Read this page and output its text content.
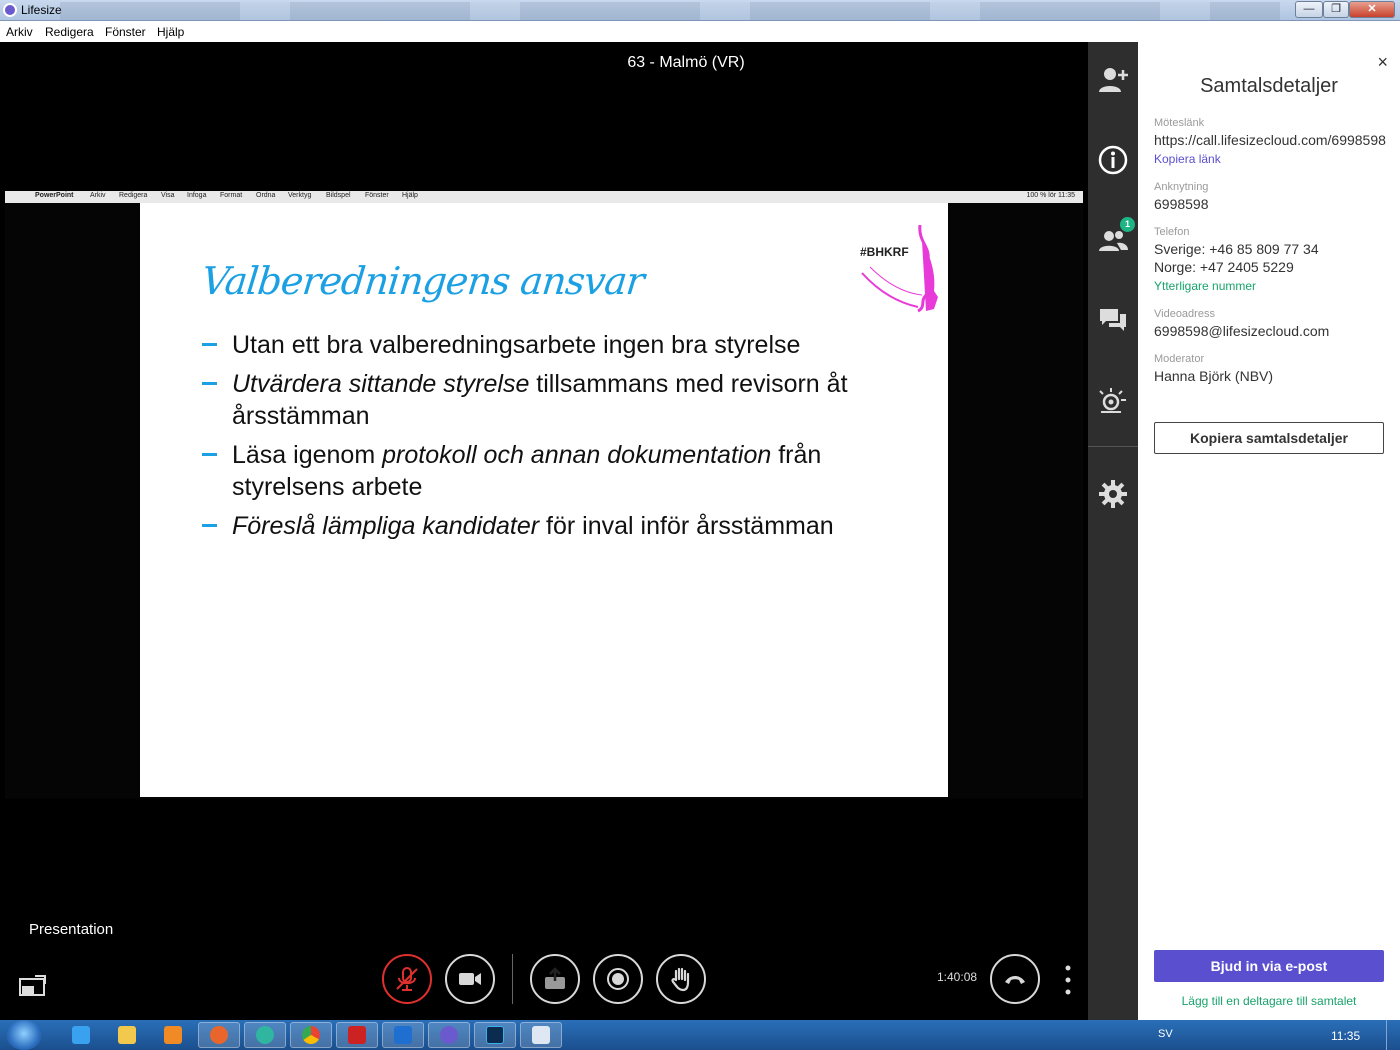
Lifesize	—	❐	✕
Arkiv Redigera Fönster Hjälp
63 - Malmö (VR)
PowerPoint Arkiv Redigera Visa Infoga Format Ordna Verktyg Bildspel Fönster Hjälp	100 % lör 11:35
Valberedningens ansvar
#BHKRF
Utan ett bra valberedningsarbete ingen bra styrelse
Utvärdera sittande styrelse tillsammans med revisorn åt årsstämman
Läsa igenom protokoll och annan dokumentation från styrelsens arbete
Föreslå lämpliga kandidater för inval inför årsstämman
Presentation
1:40:08
1
×
Samtalsdetaljer
Möteslänk
https://call.lifesizecloud.com/6998598
Kopiera länk
Anknytning
6998598
Telefon
Sverige: +46 85 809 77 34
Norge: +47 2405 5229
Ytterligare nummer
Videoadress
6998598@lifesizecloud.com
Moderator
Hanna Björk (NBV)
Kopiera samtalsdetaljer
Bjud in via e-post
Lägg till en deltagare till samtalet
SV	11:35
